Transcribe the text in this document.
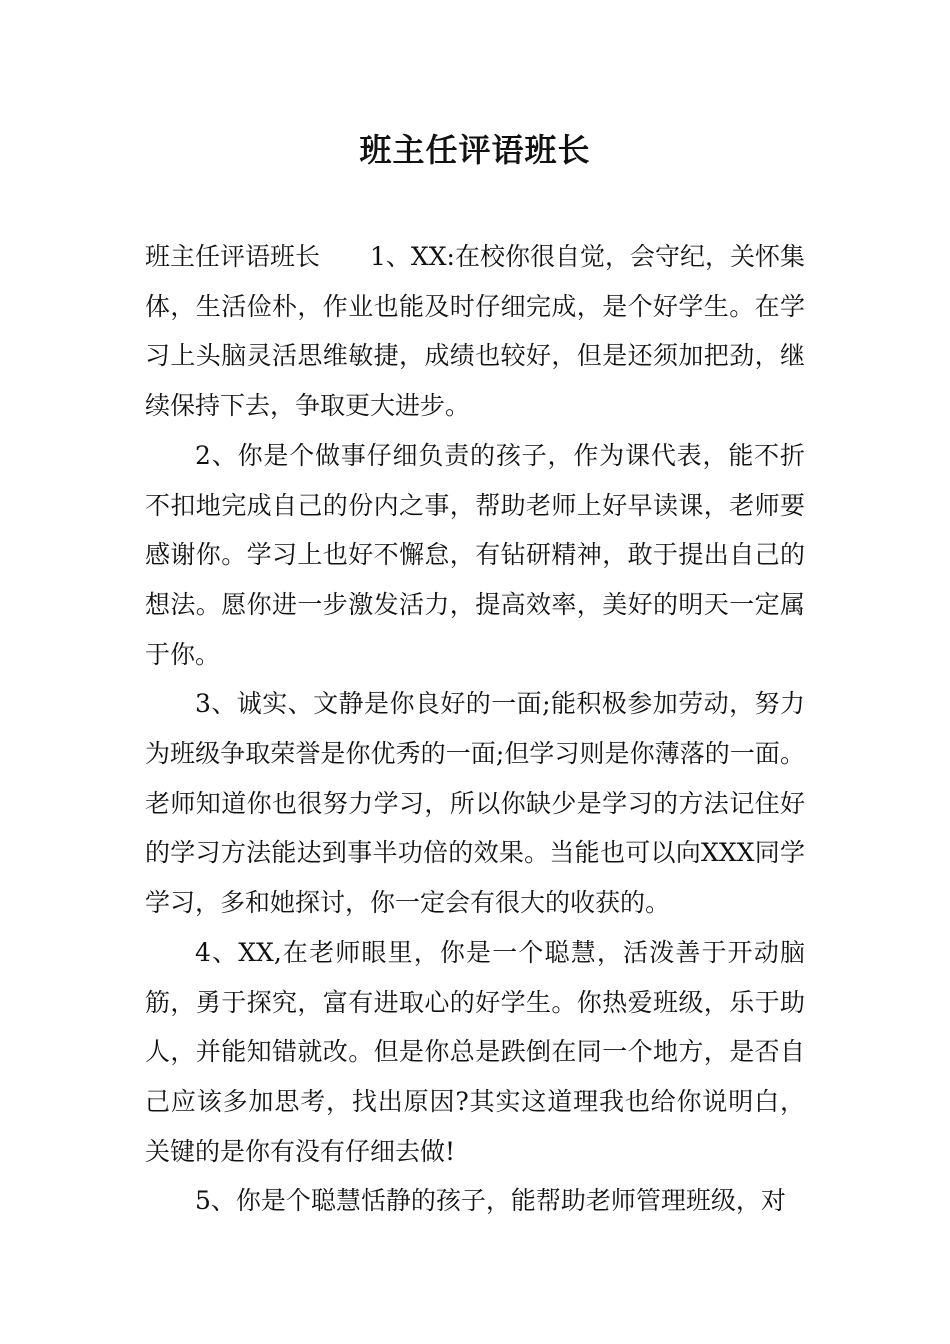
班主任评语班长

班主任评语班长　　1、XX:在校你很自觉，会守纪，关怀集体，生活俭朴，作业也能及时仔细完成，是个好学生。在学习上头脑灵活思维敏捷，成绩也较好，但是还须加把劲，继续保持下去，争取更大进步。

2、你是个做事仔细负责的孩子，作为课代表，能不折不扣地完成自己的份内之事，帮助老师上好早读课，老师要感谢你。学习上也好不懈怠，有钻研精神，敢于提出自己的想法。愿你进一步激发活力，提高效率，美好的明天一定属于你。

3、诚实、文静是你良好的一面;能积极参加劳动，努力为班级争取荣誉是你优秀的一面;但学习则是你薄落的一面。老师知道你也很努力学习，所以你缺少是学习的方法记住好的学习方法能达到事半功倍的效果。当能也可以向XXX同学学习，多和她探讨，你一定会有很大的收获的。

4、XX,在老师眼里，你是一个聪慧，活泼善于开动脑筋，勇于探究，富有进取心的好学生。你热爱班级，乐于助人，并能知错就改。但是你总是跌倒在同一个地方，是否自己应该多加思考，找出原因?其实这道理我也给你说明白，关键的是你有没有仔细去做!

5、你是个聪慧恬静的孩子，能帮助老师管理班级，对
